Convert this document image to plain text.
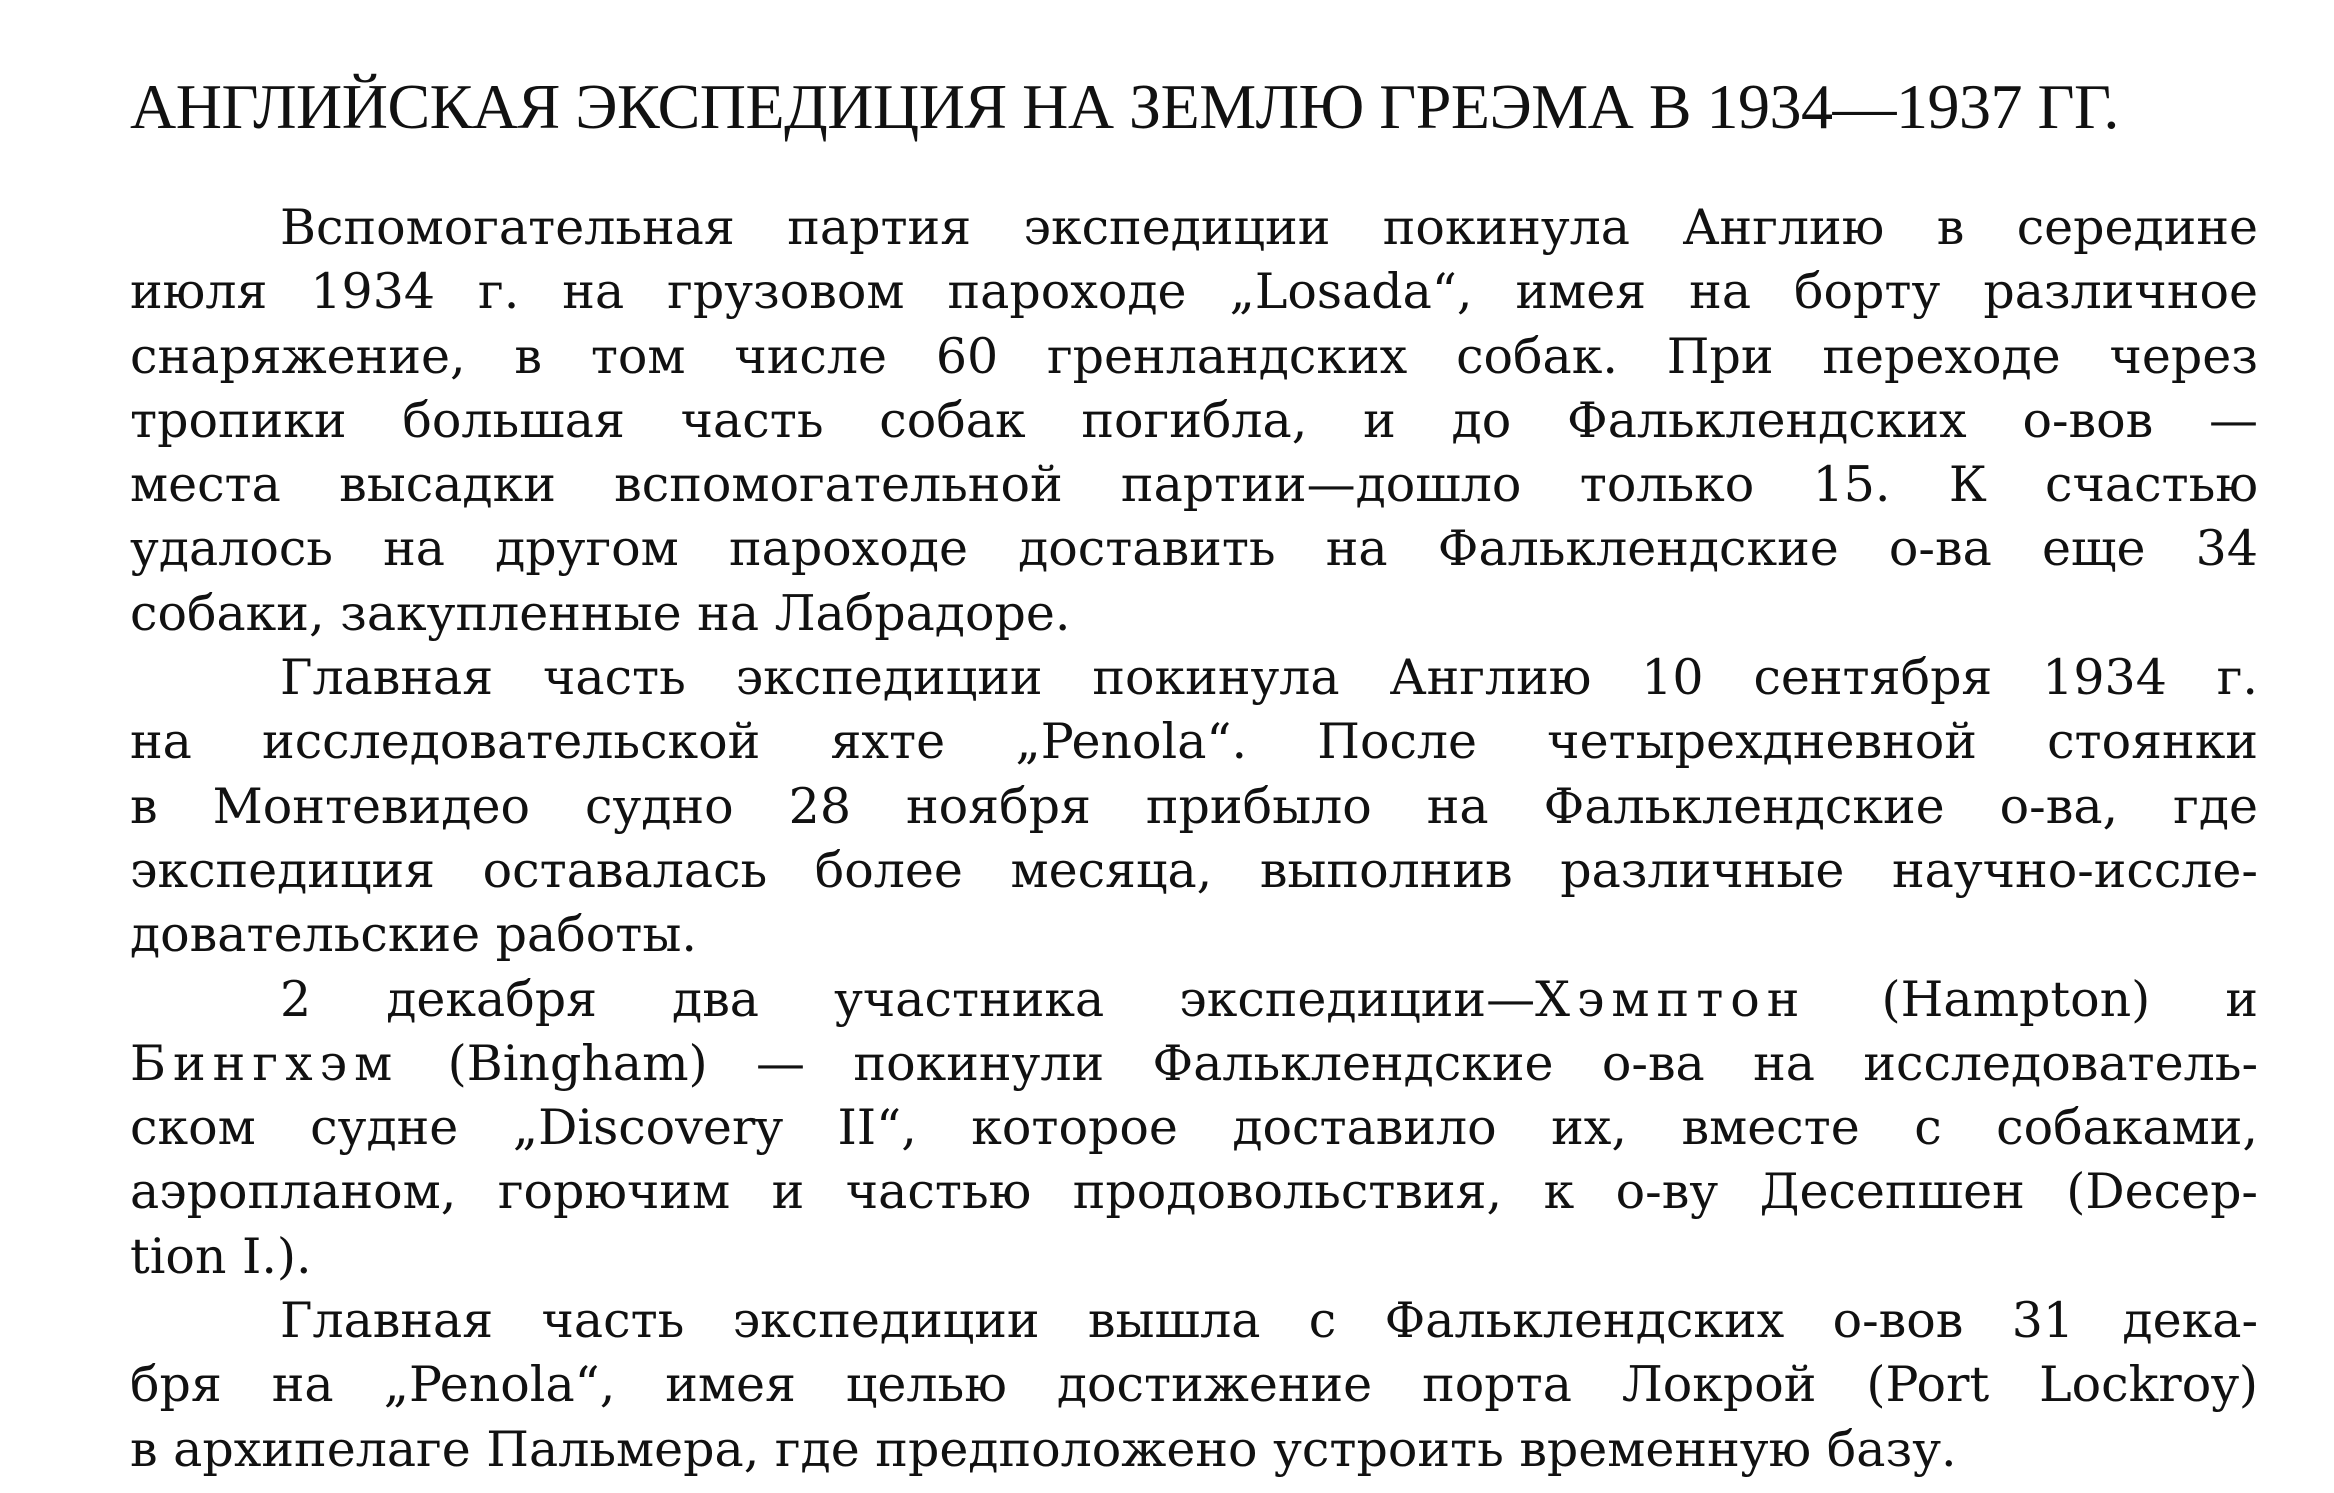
АНГЛИЙСКАЯ ЭКСПЕДИЦИЯ НА ЗЕМЛЮ ГРЕЭМА В 1934—1937 ГГ.
Вспомогательная партия экспедиции покинула Англию в середине
июля 1934 г. на грузовом пароходе „Losada“, имея на борту различное
снаряжение, в том числе 60 гренландских собак. При переходе через
тропики большая часть собак погибла, и до Фальклендских о-вов —
места высадки вспомогательной партии—дошло только 15. К счастью
удалось на другом пароходе доставить на Фальклендские о-ва еще 34
собаки, закупленные на Лабрадоре.
Главная часть экспедиции покинула Англию 10 сентября 1934 г.
на исследовательской яхте „Penola“. После четырехдневной стоянки
в Монтевидео судно 28 ноября прибыло на Фальклендские о-ва, где
экспедиция оставалась более месяца, выполнив различные научно-иссле-
довательские работы.
2 декабря два участника экспедиции—Хэмптон (Hampton) и
Бингхэм (Bingham) — покинули Фальклендские о-ва на исследователь-
ском судне „Discovery II“, которое доставило их, вместе с собаками,
аэропланом, горючим и частью продовольствия, к о-ву Десепшен (Decep-
tion I.).
Главная часть экспедиции вышла с Фальклендских о-вов 31 дека-
бря на „Penola“, имея целью достижение порта Локрой (Port Lockroy)
в архипелаге Пальмера, где предположено устроить временную базу.
